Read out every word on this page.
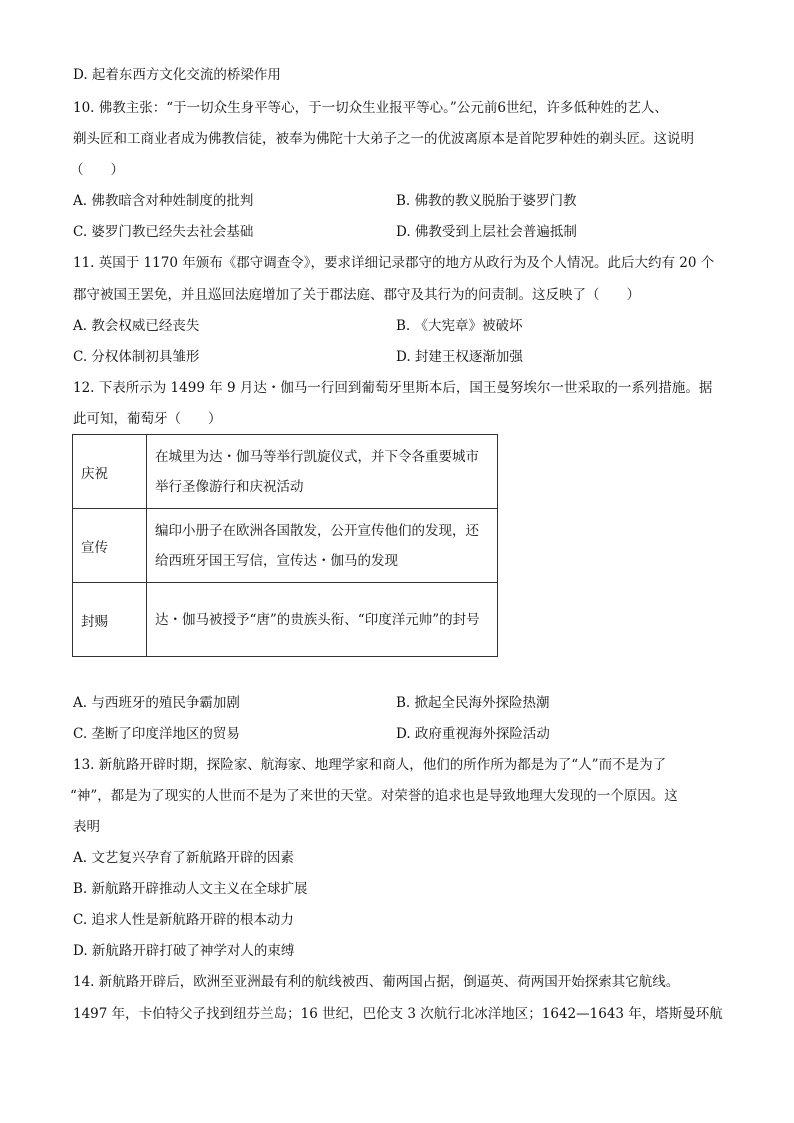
D. 起着东西方文化交流的桥梁作用
10. 佛教主张：“于一切众生身平等心，于一切众生业报平等心。”公元前6世纪，许多低种姓的艺人、
剃头匠和工商业者成为佛教信徒，被奉为佛陀十大弟子之一的优波离原本是首陀罗种姓的剃头匠。这说明
（　　）
A. 佛教暗含对种姓制度的批判	B. 佛教的教义脱胎于婆罗门教
C. 婆罗门教已经失去社会基础	D. 佛教受到上层社会普遍抵制
11. 英国于 1170 年颁布《郡守调查令》，要求详细记录郡守的地方从政行为及个人情况。此后大约有 20 个
郡守被国王罢免，并且巡回法庭增加了关于郡法庭、郡守及其行为的问责制。这反映了（　　）
A. 教会权威已经丧失	B. 《大宪章》被破坏
C. 分权体制初具雏形	D. 封建王权逐渐加强
12. 下表所示为 1499 年 9 月达・伽马一行回到葡萄牙里斯本后，国王曼努埃尔一世采取的一系列措施。据
此可知，葡萄牙（　　）
庆祝	在城里为达・伽马等举行凯旋仪式，并下令各重要城市举行圣像游行和庆祝活动
宣传	编印小册子在欧洲各国散发，公开宣传他们的发现，还给西班牙国王写信，宣传达・伽马的发现
封赐	达・伽马被授予“唐”的贵族头衔、“印度洋元帅”的封号
A. 与西班牙的殖民争霸加剧	B. 掀起全民海外探险热潮
C. 垄断了印度洋地区的贸易	D. 政府重视海外探险活动
13. 新航路开辟时期，探险家、航海家、地理学家和商人，他们的所作所为都是为了“人”而不是为了
“神”，都是为了现实的人世而不是为了来世的天堂。对荣誉的追求也是导致地理大发现的一个原因。这
表明
A. 文艺复兴孕育了新航路开辟的因素
B. 新航路开辟推动人文主义在全球扩展
C. 追求人性是新航路开辟的根本动力
D. 新航路开辟打破了神学对人的束缚
14. 新航路开辟后，欧洲至亚洲最有利的航线被西、葡两国占据，倒逼英、荷两国开始探索其它航线。
1497 年，卡伯特父子找到纽芬兰岛；16 世纪，巴伦支 3 次航行北冰洋地区；1642—1643 年，塔斯曼环航
